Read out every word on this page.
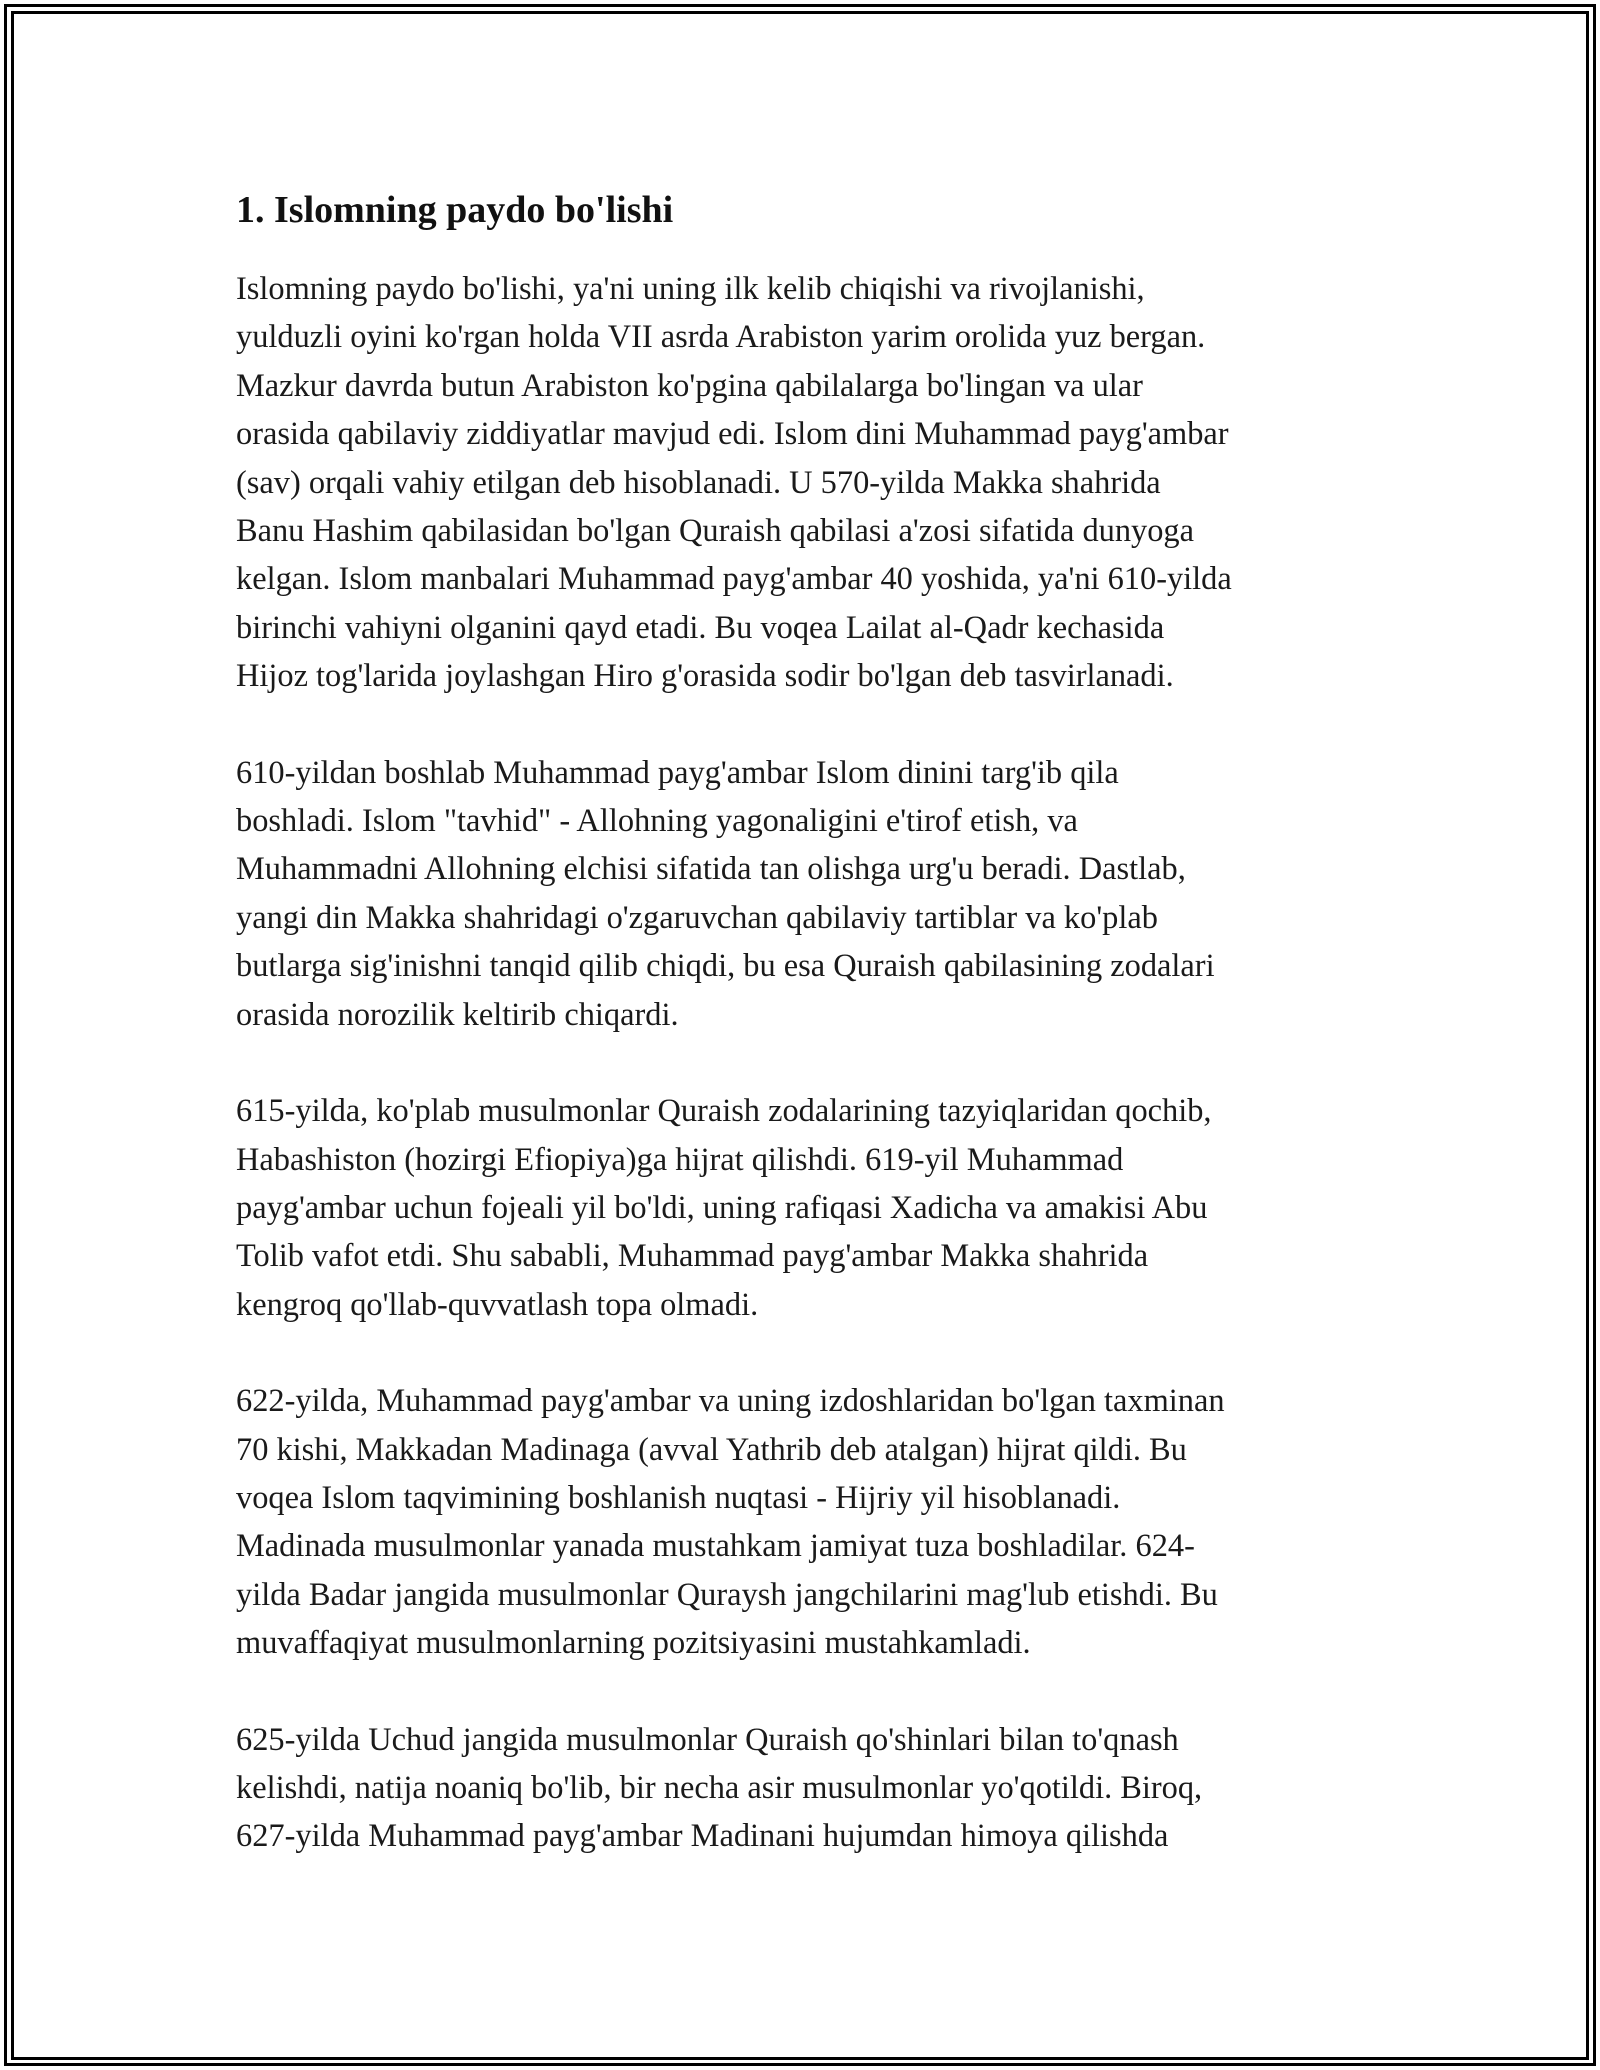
1. Islomning paydo bo'lishi
Islomning paydo bo'lishi, ya'ni uning ilk kelib chiqishi va rivojlanishi,
yulduzli oyini ko'rgan holda VII asrda Arabiston yarim orolida yuz bergan.
Mazkur davrda butun Arabiston ko'pgina qabilalarga bo'lingan va ular
orasida qabilaviy ziddiyatlar mavjud edi. Islom dini Muhammad payg'ambar
(sav) orqali vahiy etilgan deb hisoblanadi. U 570-yilda Makka shahrida
Banu Hashim qabilasidan bo'lgan Quraish qabilasi a'zosi sifatida dunyoga
kelgan. Islom manbalari Muhammad payg'ambar 40 yoshida, ya'ni 610-yilda
birinchi vahiyni olganini qayd etadi. Bu voqea Lailat al-Qadr kechasida
Hijoz tog'larida joylashgan Hiro g'orasida sodir bo'lgan deb tasvirlanadi.
610-yildan boshlab Muhammad payg'ambar Islom dinini targ'ib qila
boshladi. Islom "tavhid" - Allohning yagonaligini e'tirof etish, va
Muhammadni Allohning elchisi sifatida tan olishga urg'u beradi. Dastlab,
yangi din Makka shahridagi o'zgaruvchan qabilaviy tartiblar va ko'plab
butlarga sig'inishni tanqid qilib chiqdi, bu esa Quraish qabilasining zodalari
orasida norozilik keltirib chiqardi.
615-yilda, ko'plab musulmonlar Quraish zodalarining tazyiqlaridan qochib,
Habashiston (hozirgi Efiopiya)ga hijrat qilishdi. 619-yil Muhammad
payg'ambar uchun fojeali yil bo'ldi, uning rafiqasi Xadicha va amakisi Abu
Tolib vafot etdi. Shu sababli, Muhammad payg'ambar Makka shahrida
kengroq qo'llab-quvvatlash topa olmadi.
622-yilda, Muhammad payg'ambar va uning izdoshlaridan bo'lgan taxminan
70 kishi, Makkadan Madinaga (avval Yathrib deb atalgan) hijrat qildi. Bu
voqea Islom taqvimining boshlanish nuqtasi - Hijriy yil hisoblanadi.
Madinada musulmonlar yanada mustahkam jamiyat tuza boshladilar. 624-
yilda Badar jangida musulmonlar Quraysh jangchilarini mag'lub etishdi. Bu
muvaffaqiyat musulmonlarning pozitsiyasini mustahkamladi.
625-yilda Uchud jangida musulmonlar Quraish qo'shinlari bilan to'qnash
kelishdi, natija noaniq bo'lib, bir necha asir musulmonlar yo'qotildi. Biroq,
627-yilda Muhammad payg'ambar Madinani hujumdan himoya qilishda
